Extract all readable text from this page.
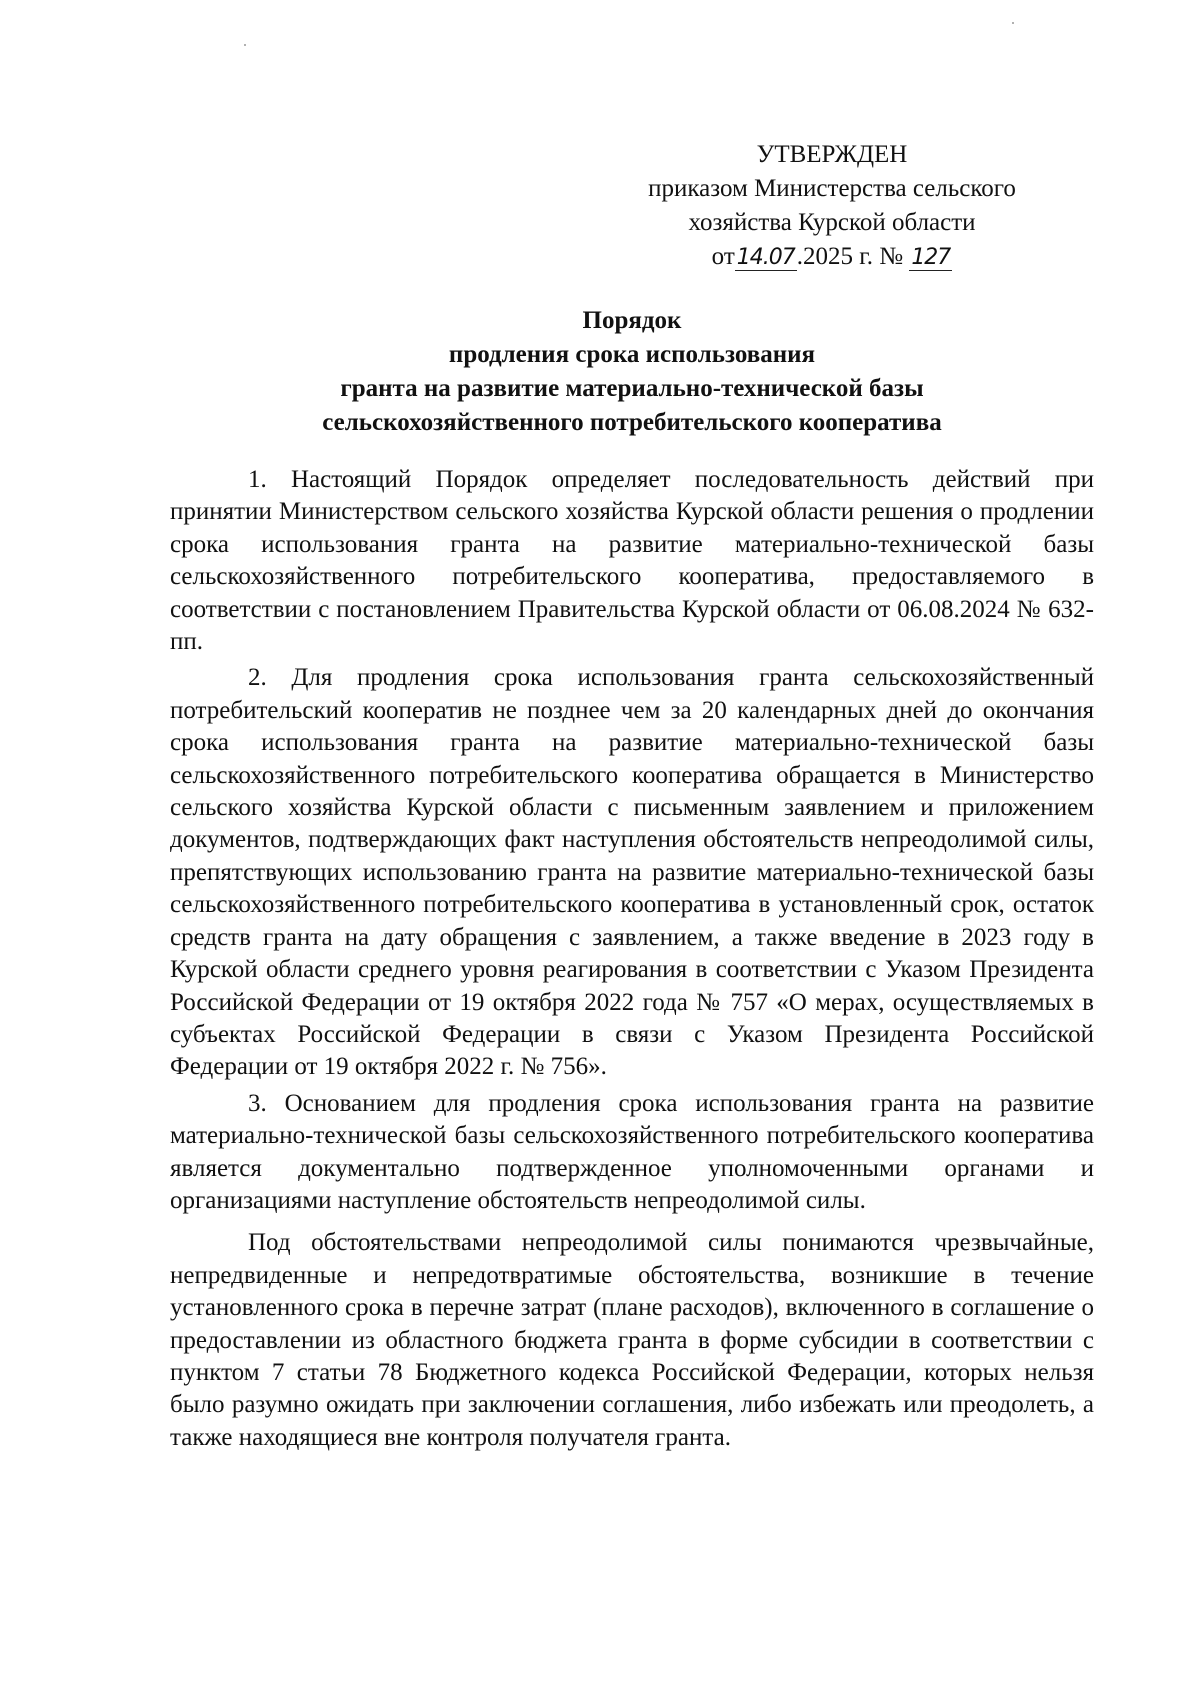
УТВЕРЖДЕН
приказом Министерства сельского
хозяйства Курской области
от14.07.2025 г. № 127
Порядок
продления срока использования
гранта на развитие материально-технической базы
сельскохозяйственного потребительского кооператива

1. Настоящий Порядок определяет последовательность действий при принятии Министерством сельского хозяйства Курской области решения о продлении срока использования гранта на развитие материально-технической базы сельскохозяйственного потребительского кооператива, предоставляемого в соответствии с постановлением Правительства Курской области от 06.08.2024 № 632-пп.

2. Для продления срока использования гранта сельскохозяйственный потребительский кооператив не позднее чем за 20 календарных дней до окончания срока использования гранта на развитие материально-технической базы сельскохозяйственного потребительского кооператива обращается в Министерство сельского хозяйства Курской области с письменным заявлением и приложением документов, подтверждающих факт наступления обстоятельств непреодолимой силы, препятствующих использованию гранта на развитие материально-технической базы сельскохозяйственного потребительского кооператива в установленный срок, остаток средств гранта на дату обращения с заявлением, а также введение в 2023 году в Курской области среднего уровня реагирования в соответствии с Указом Президента Российской Федерации от 19 октября 2022 года № 757 «О мерах, осуществляемых в субъектах Российской Федерации в связи с Указом Президента Российской Федерации от 19 октября 2022 г. № 756».

3. Основанием для продления срока использования гранта на развитие материально-технической базы сельскохозяйственного потребительского кооператива является документально подтвержденное уполномоченными органами и организациями наступление обстоятельств непреодолимой силы.

Под обстоятельствами непреодолимой силы понимаются чрезвычайные, непредвиденные и непредотвратимые обстоятельства, возникшие в течение установленного срока в перечне затрат (плане расходов), включенного в соглашение о предоставлении из областного бюджета гранта в форме субсидии в соответствии с пунктом 7 статьи 78 Бюджетного кодекса Российской Федерации, которых нельзя было разумно ожидать при заключении соглашения, либо избежать или преодолеть, а также находящиеся вне контроля получателя гранта.
